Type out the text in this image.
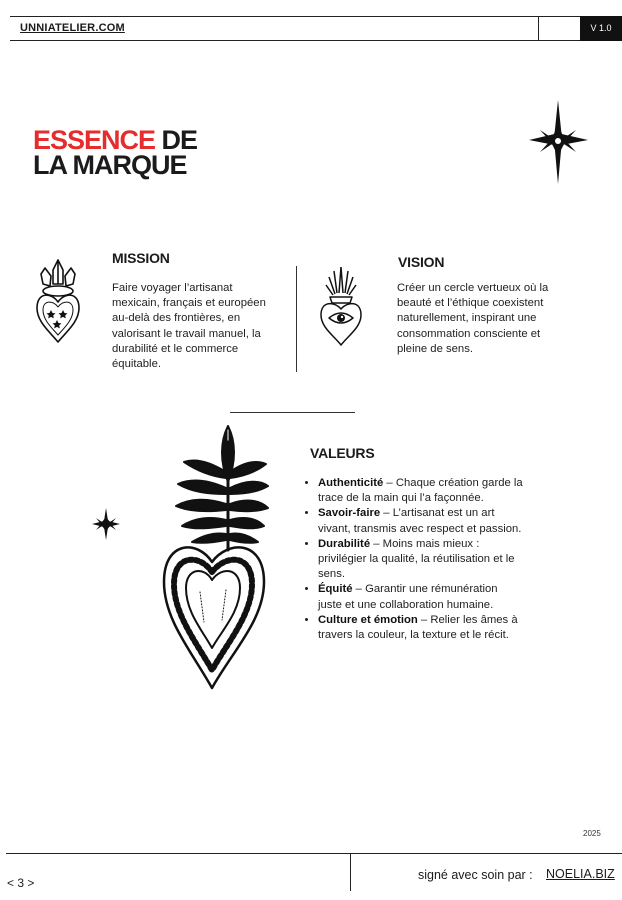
UNNIATELIER.COM	V 1.0
ESSENCE DE
LA MARQUE
MISSION
Faire voyager l’artisanat mexicain, français et européen au-delà des frontières, en valorisant le travail manuel, la durabilité et le commerce équitable.
VISION
Créer un cercle vertueux où la beauté et l’éthique coexistent naturellement, inspirant une consommation consciente et pleine de sens.
VALEURS
• Authenticité – Chaque création garde la trace de la main qui l’a façonnée.
• Savoir-faire – L’artisanat est un art vivant, transmis avec respect et passion.
• Durabilité – Moins mais mieux : privilégier la qualité, la réutilisation et le sens.
• Équité – Garantir une rémunération juste et une collaboration humaine.
• Culture et émotion – Relier les âmes à travers la couleur, la texture et le récit.
2025
< 3 >
signé avec soin par : NOELIA.BIZ
